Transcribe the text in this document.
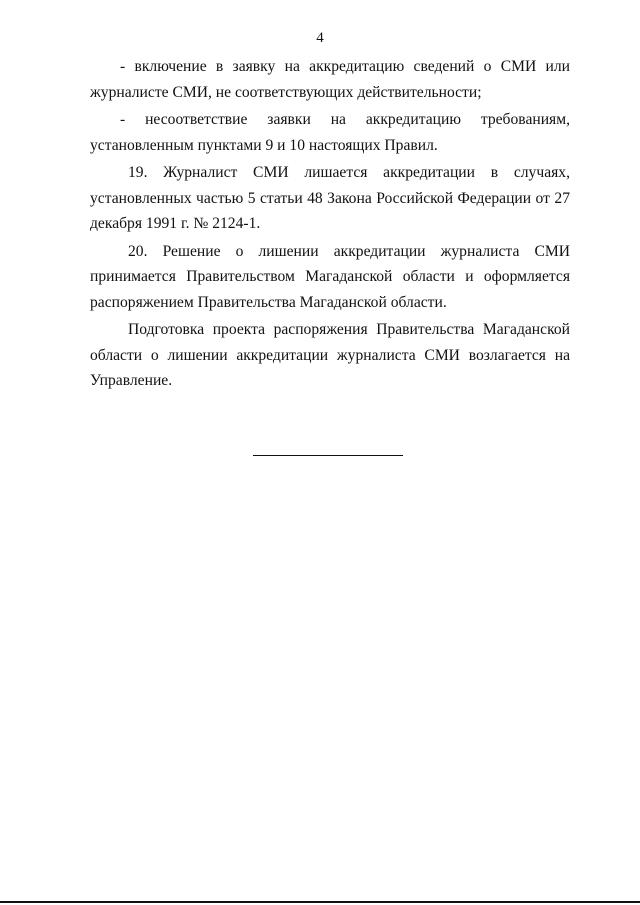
4

- включение в заявку на аккредитацию сведений о СМИ или журналисте СМИ, не соответствующих действительности;

- несоответствие заявки на аккредитацию требованиям, установленным пунктами 9 и 10 настоящих Правил.

19. Журналист СМИ лишается аккредитации в случаях, установленных частью 5 статьи 48 Закона Российской Федерации от 27 декабря 1991 г. № 2124-1.

20. Решение о лишении аккредитации журналиста СМИ принимается Правительством Магаданской области и оформляется распоряжением Правительства Магаданской области.

Подготовка проекта распоряжения Правительства Магаданской области о лишении аккредитации журналиста СМИ возлагается на Управление.
